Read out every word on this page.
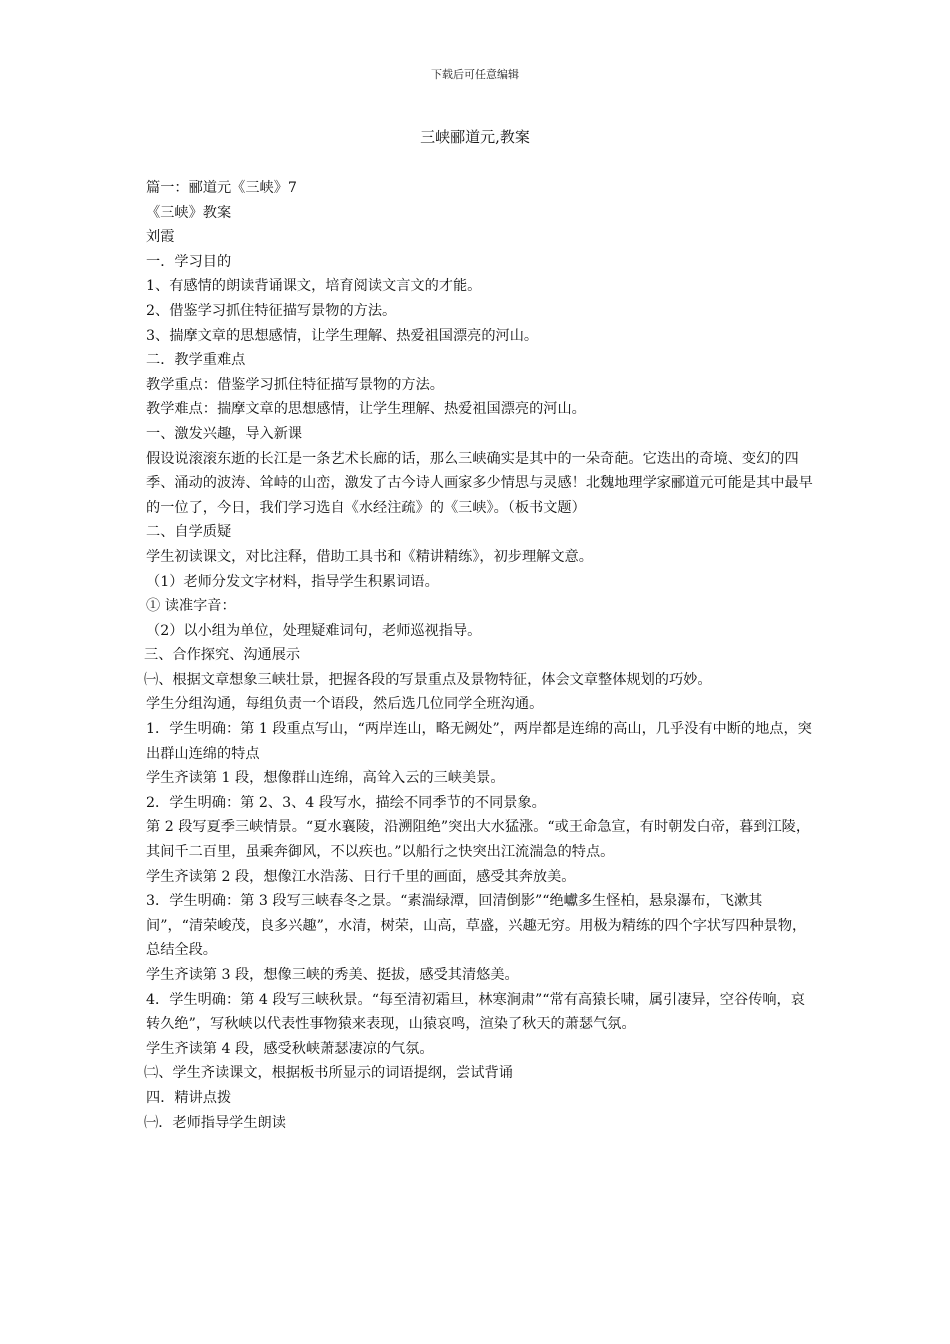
下载后可任意编辑
三峡郦道元,教案

篇一：郦道元《三峡》7

《三峡》教案

刘霞

一．学习目的

1、有感情的朗读背诵课文，培育阅读文言文的才能。

2、借鉴学习抓住特征描写景物的方法。

3、揣摩文章的思想感情，让学生理解、热爱祖国漂亮的河山。

二．教学重难点

教学重点：借鉴学习抓住特征描写景物的方法。

教学难点：揣摩文章的思想感情，让学生理解、热爱祖国漂亮的河山。

一、激发兴趣，导入新课

假设说滚滚东逝的长江是一条艺术长廊的话，那么三峡确实是其中的一朵奇葩。它迭出的奇境、变幻的四季、涌动的波涛、耸峙的山峦，激发了古今诗人画家多少情思与灵感！北魏地理学家郦道元可能是其中最早的一位了，今日，我们学习选自《水经注疏》的《三峡》。（板书文题）

二、自学质疑

学生初读课文，对比注释，借助工具书和《精讲精练》，初步理解文意。

（1）老师分发文字材料，指导学生积累词语。

① 读准字音：

（2）以小组为单位，处理疑难词句，老师巡视指导。

三、合作探究、沟通展示

㈠、根据文章想象三峡壮景，把握各段的写景重点及景物特征，体会文章整体规划的巧妙。

学生分组沟通，每组负责一个语段，然后选几位同学全班沟通。

1．学生明确：第 1 段重点写山，“两岸连山，略无阙处”，两岸都是连绵的高山，几乎没有中断的地点，突出群山连绵的特点

学生齐读第 1 段，想像群山连绵，高耸入云的三峡美景。

2．学生明确：第 2、3、4 段写水，描绘不同季节的不同景象。

第 2 段写夏季三峡情景。“夏水襄陵，沿溯阻绝”突出大水猛涨。“或王命急宣，有时朝发白帝，暮到江陵，其间千二百里，虽乘奔御风，不以疾也。”以船行之快突出江流湍急的特点。

学生齐读第 2 段，想像江水浩荡、日行千里的画面，感受其奔放美。

3．学生明确：第 3 段写三峡春冬之景。“素湍绿潭，回清倒影”“绝巘多生怪柏，悬泉瀑布，飞漱其间”，“清荣峻茂，良多兴趣”，水清，树荣，山高，草盛，兴趣无穷。用极为精练的四个字状写四种景物，总结全段。

学生齐读第 3 段，想像三峡的秀美、挺拔，感受其清悠美。

4．学生明确：第 4 段写三峡秋景。“每至清初霜旦，林寒涧肃”“常有高猿长啸，属引凄异，空谷传响，哀转久绝”，写秋峡以代表性事物猿来表现，山猿哀鸣，渲染了秋天的萧瑟气氛。

学生齐读第 4 段，感受秋峡萧瑟凄凉的气氛。

㈡、学生齐读课文，根据板书所显示的词语提纲，尝试背诵

四．精讲点拨

㈠．老师指导学生朗读
